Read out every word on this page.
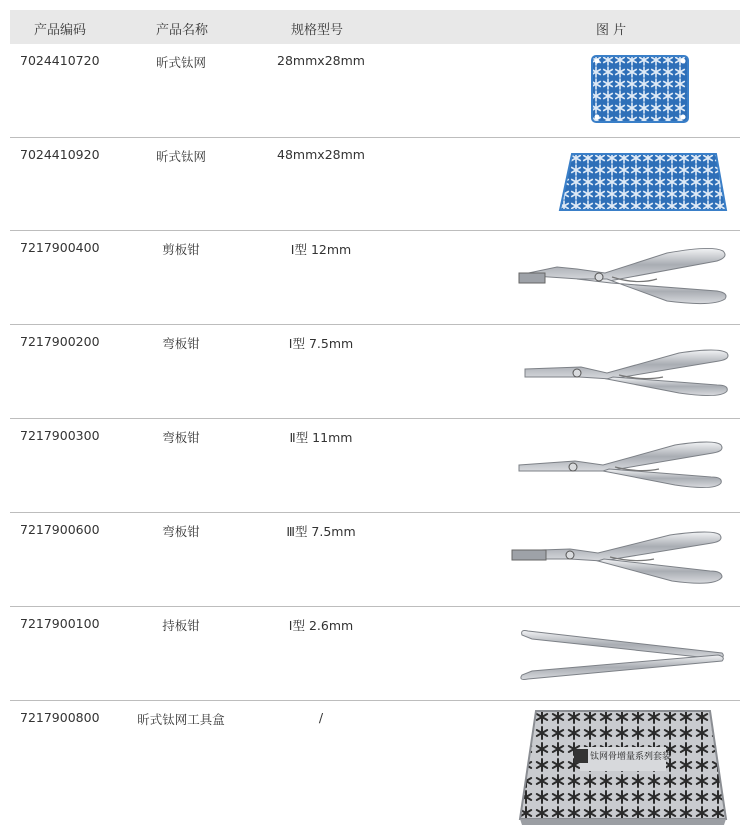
产品编码	产品名称	规格型号	图 片
7024410720	昕式钛网	28mmx28mm
7024410920	昕式钛网	48mmx28mm
7217900400	剪板钳	Ⅰ型 12mm
7217900200	弯板钳	Ⅰ型 7.5mm
7217900300	弯板钳	Ⅱ型 11mm
7217900600	弯板钳	Ⅲ型 7.5mm
7217900100	持板钳	Ⅰ型 2.6mm
7217900800	昕式钛网工具盒	/
钛网骨增量系列套装
